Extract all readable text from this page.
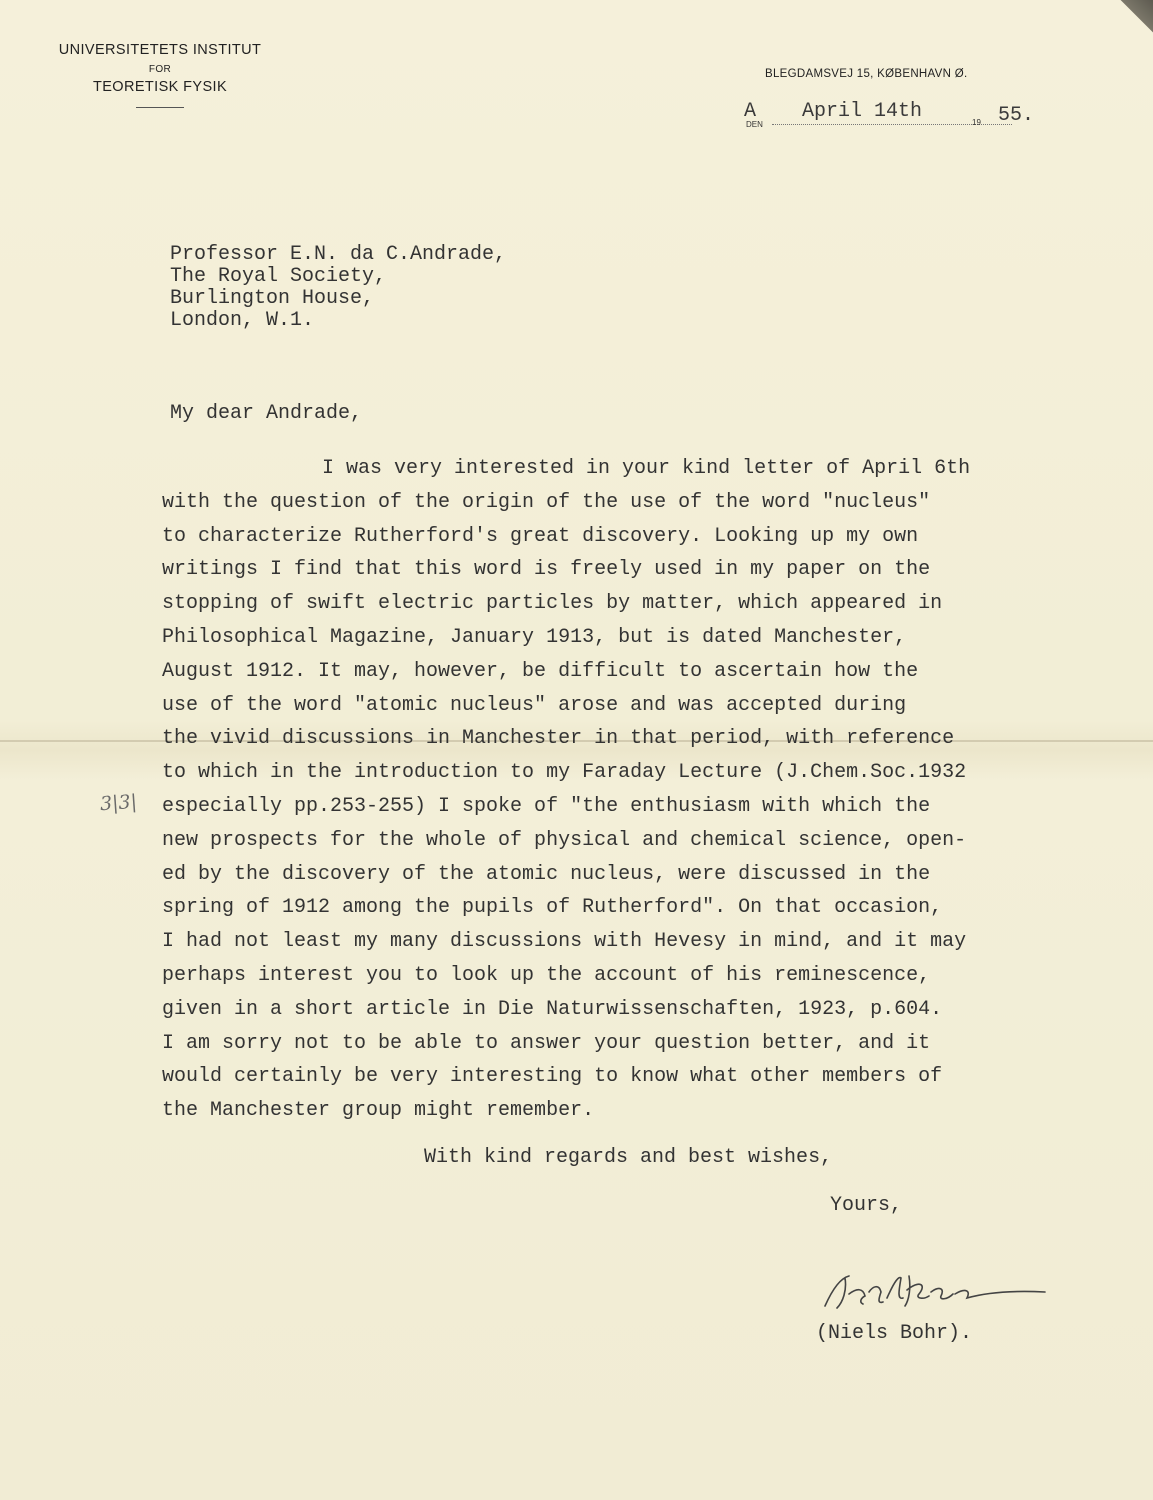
UNIVERSITETETS INSTITUT
FOR
TEORETISK FYSIK
BLEGDAMSVEJ 15, KØBENHAVN Ø.
A
DEN
April 14th	19 55.
Professor E.N. da C.Andrade,
The Royal Society,
Burlington House,
London, W.1.
My dear Andrade,
I was very interested in your kind letter of April 6th
with the question of the origin of the use of the word "nucleus"
to characterize Rutherford's great discovery. Looking up my own
writings I find that this word is freely used in my paper on the
stopping of swift electric particles by matter, which appeared in
Philosophical Magazine, January 1913, but is dated Manchester,
August 1912. It may, however, be difficult to ascertain how the
use of the word "atomic nucleus" arose and was accepted during
the vivid discussions in Manchester in that period, with reference
to which in the introduction to my Faraday Lecture (J.Chem.Soc.1932
especially pp.253-255) I spoke of "the enthusiasm with which the
new prospects for the whole of physical and chemical science, open-
ed by the discovery of the atomic nucleus, were discussed in the
spring of 1912 among the pupils of Rutherford". On that occasion,
I had not least my many discussions with Hevesy in mind, and it may
perhaps interest you to look up the account of his reminescence,
given in a short article in Die Naturwissenschaften, 1923, p.604.
I am sorry not to be able to answer your question better, and it
would certainly be very interesting to know what other members of
the Manchester group might remember.
3|3|
With kind regards and best wishes,
Yours,
(Niels Bohr).
